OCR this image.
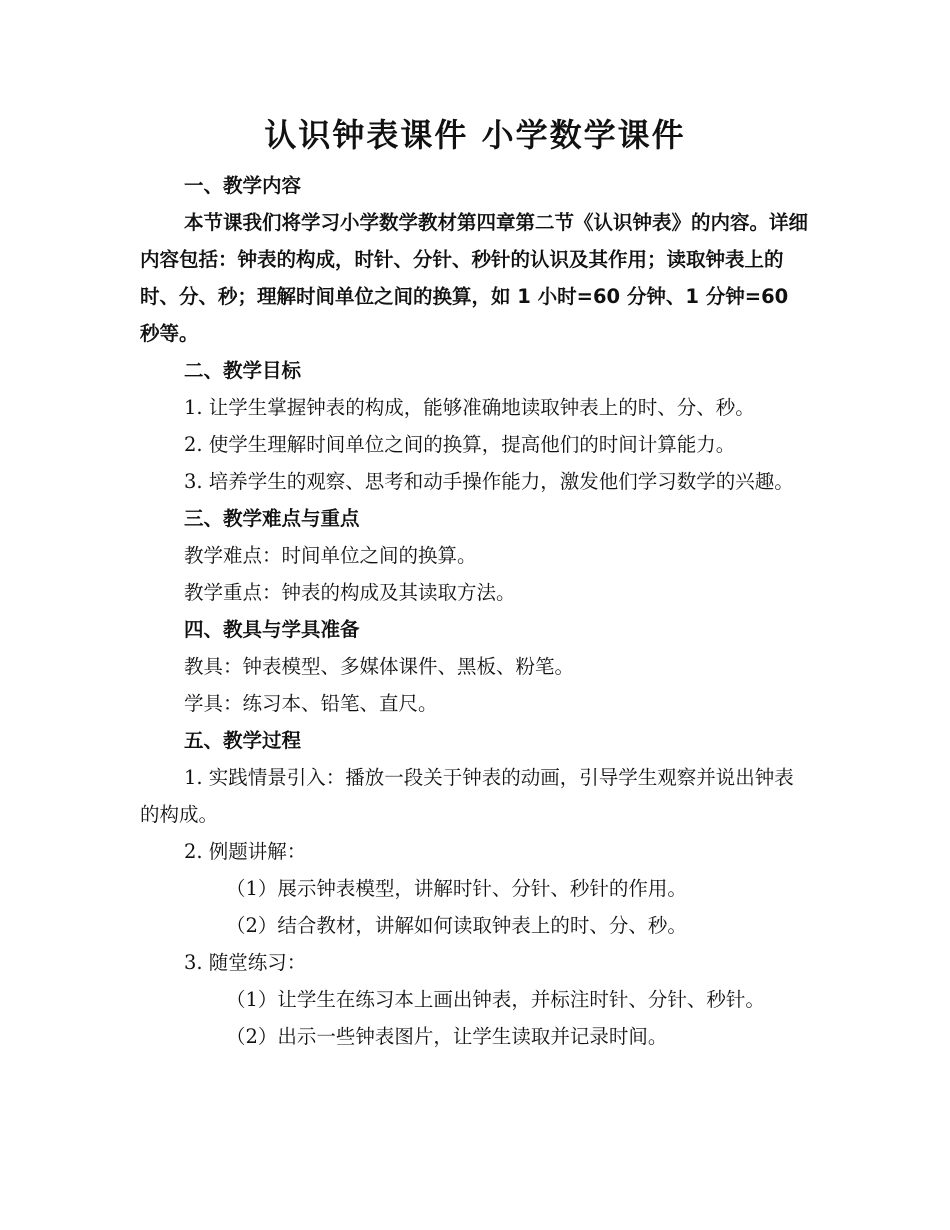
认识钟表课件 小学数学课件

一、教学内容

本节课我们将学习小学数学教材第四章第二节《认识钟表》的内容。详细内容包括：钟表的构成，时针、分针、秒针的认识及其作用；读取钟表上的时、分、秒；理解时间单位之间的换算，如 1 小时=60 分钟、1 分钟=60 秒等。

二、教学目标

1. 让学生掌握钟表的构成，能够准确地读取钟表上的时、分、秒。

2. 使学生理解时间单位之间的换算，提高他们的时间计算能力。

3. 培养学生的观察、思考和动手操作能力，激发他们学习数学的兴趣。

三、教学难点与重点

教学难点：时间单位之间的换算。

教学重点：钟表的构成及其读取方法。

四、教具与学具准备

教具：钟表模型、多媒体课件、黑板、粉笔。

学具：练习本、铅笔、直尺。

五、教学过程

1. 实践情景引入：播放一段关于钟表的动画，引导学生观察并说出钟表的构成。

2. 例题讲解：

（1）展示钟表模型，讲解时针、分针、秒针的作用。

（2）结合教材，讲解如何读取钟表上的时、分、秒。

3. 随堂练习：

（1）让学生在练习本上画出钟表，并标注时针、分针、秒针。

（2）出示一些钟表图片，让学生读取并记录时间。
